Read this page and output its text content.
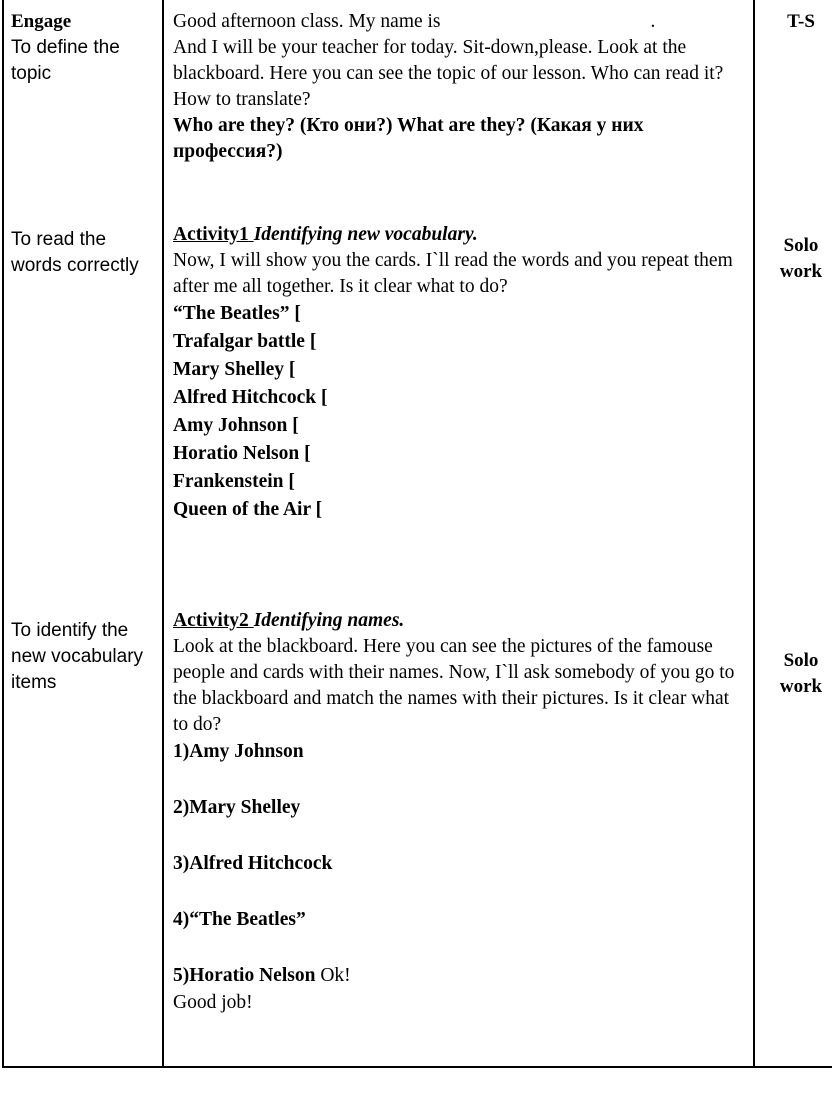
Engage
To define the topic

Good afternoon class. My name is	.

And I will be your teacher for today. Sit-down,please. Look at the blackboard. Here you can see the topic of our lesson. Who can read it? How to translate?

Who are they? (Кто они?) What are they? (Какая у них профессия?)

T-S
To read the words correctly

Activity1 Identifying new vocabulary.

Now, I will show you the cards. I`ll read the words and you repeat them after me all together. Is it clear what to do?

“The Beatles” [

Trafalgar battle [

Mary Shelley [

Alfred Hitchcock [

Amy Johnson [

Horatio Nelson [

Frankenstein [

Queen of the Air [

Solo
work
To identify the new vocabulary items

Activity2 Identifying names.

Look at the blackboard. Here you can see the pictures of the famouse people and cards with their names. Now, I`ll ask somebody of you go to the blackboard and match the names with their pictures. Is it clear what to do?

1)Amy Johnson

2)Mary Shelley

3)Alfred Hitchcock

4)“The Beatles”

5)Horatio Nelson Ok!

Good job!

Solo
work
